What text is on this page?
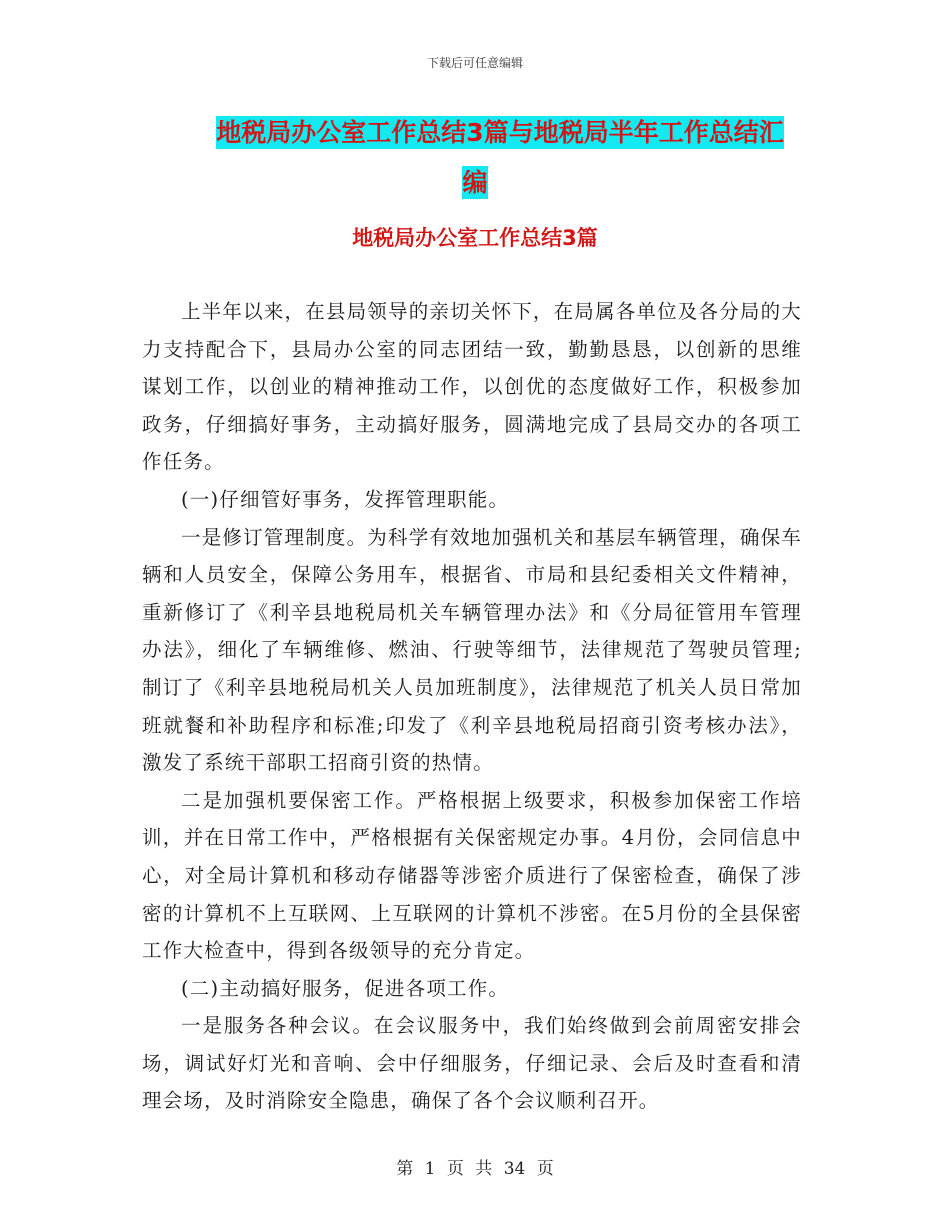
下载后可任意编辑
地税局办公室工作总结3篇与地税局半年工作总结汇
编
地税局办公室工作总结3篇

上半年以来，在县局领导的亲切关怀下，在局属各单位及各分局的大力支持配合下，县局办公室的同志团结一致，勤勤恳恳，以创新的思维谋划工作，以创业的精神推动工作，以创优的态度做好工作，积极参加政务，仔细搞好事务，主动搞好服务，圆满地完成了县局交办的各项工作任务。

(一)仔细管好事务，发挥管理职能。

一是修订管理制度。为科学有效地加强机关和基层车辆管理，确保车辆和人员安全，保障公务用车，根据省、市局和县纪委相关文件精神，重新修订了《利辛县地税局机关车辆管理办法》和《分局征管用车管理办法》，细化了车辆维修、燃油、行驶等细节，法律规范了驾驶员管理;制订了《利辛县地税局机关人员加班制度》，法律规范了机关人员日常加班就餐和补助程序和标准;印发了《利辛县地税局招商引资考核办法》，激发了系统干部职工招商引资的热情。

二是加强机要保密工作。严格根据上级要求，积极参加保密工作培训，并在日常工作中，严格根据有关保密规定办事。4月份，会同信息中心，对全局计算机和移动存储器等涉密介质进行了保密检查，确保了涉密的计算机不上互联网、上互联网的计算机不涉密。在5月份的全县保密工作大检查中，得到各级领导的充分肯定。

(二)主动搞好服务，促进各项工作。

一是服务各种会议。在会议服务中，我们始终做到会前周密安排会场，调试好灯光和音响、会中仔细服务，仔细记录、会后及时查看和清理会场，及时消除安全隐患，确保了各个会议顺利召开。

第 1 页 共 34 页
